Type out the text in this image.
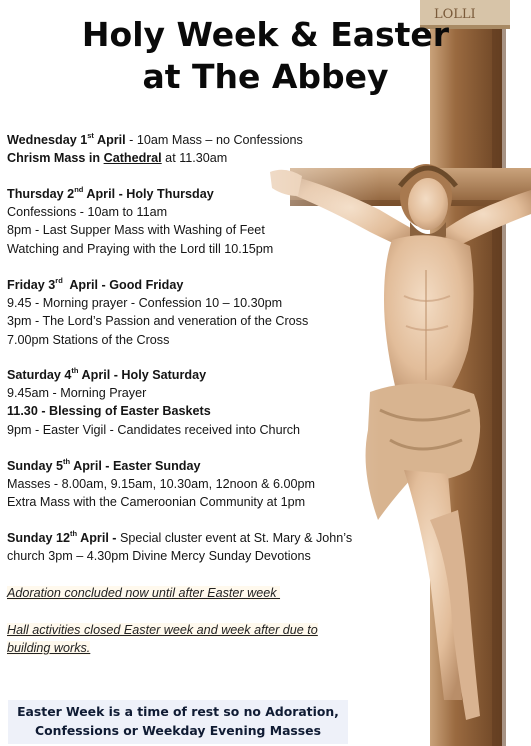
LOLLI
Holy Week & Easter
at The Abbey
Wednesday 1st April - 10am Mass – no Confessions
Chrism Mass in Cathedral at 11.30am
Thursday 2nd April - Holy Thursday
Confessions - 10am to 11am
8pm - Last Supper Mass with Washing of Feet
Watching and Praying with the Lord till 10.15pm
Friday 3rd  April - Good Friday
9.45 - Morning prayer - Confession 10 – 10.30pm
3pm - The Lord’s Passion and veneration of the Cross
7.00pm Stations of the Cross
Saturday 4th April - Holy Saturday
9.45am - Morning Prayer
11.30 - Blessing of Easter Baskets
9pm - Easter Vigil - Candidates received into Church
Sunday 5th April - Easter Sunday
Masses - 8.00am, 9.15am, 10.30am, 12noon & 6.00pm
Extra Mass with the Cameroonian Community at 1pm
Sunday 12th April - Special cluster event at St. Mary & John’s
church 3pm – 4.30pm Divine Mercy Sunday Devotions
Adoration concluded now until after Easter week
Hall activities closed Easter week and week after due to
building works.
Easter Week is a time of rest so no Adoration,
Confessions or Weekday Evening Masses
